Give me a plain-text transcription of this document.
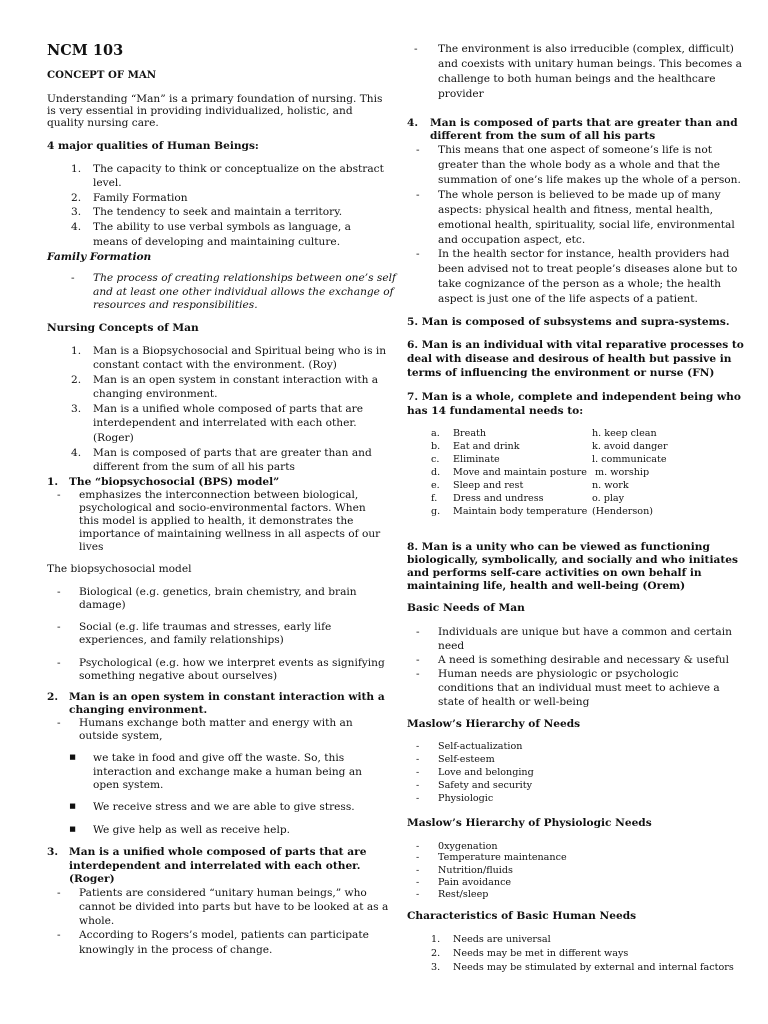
NCM 103
CONCEPT OF MAN
Understanding “Man” is a primary foundation of nursing. This
is very essential in providing individualized, holistic, and
quality nursing care.
4 major qualities of Human Beings:
1. The capacity to think or conceptualize on the abstract
level.
2. Family Formation
3. The tendency to seek and maintain a territory.
4. The ability to use verbal symbols as language, a
means of developing and maintaining culture.
Family Formation
- The process of creating relationships between one’s self
and at least one other individual allows the exchange of
resources and responsibilities.
Nursing Concepts of Man
1. Man is a Biopsychosocial and Spiritual being who is in
constant contact with the environment. (Roy)
2. Man is an open system in constant interaction with a
changing environment.
3. Man is a unified whole composed of parts that are
interdependent and interrelated with each other.
(Roger)
4. Man is composed of parts that are greater than and
different from the sum of all his parts
1. The “biopsychosocial (BPS) model”
- emphasizes the interconnection between biological,
psychological and socio-environmental factors. When
this model is applied to health, it demonstrates the
importance of maintaining wellness in all aspects of our
lives
The biopsychosocial model
- Biological (e.g. genetics, brain chemistry, and brain
damage)
- Social (e.g. life traumas and stresses, early life
experiences, and family relationships)
- Psychological (e.g. how we interpret events as signifying
something negative about ourselves)
2. Man is an open system in constant interaction with a
changing environment.
- Humans exchange both matter and energy with an
outside system,
▪ we take in food and give off the waste. So, this
interaction and exchange make a human being an
open system.
▪ We receive stress and we are able to give stress.
▪ We give help as well as receive help.
3. Man is a unified whole composed of parts that are
interdependent and interrelated with each other.
(Roger)
- Patients are considered “unitary human beings,” who
cannot be divided into parts but have to be looked at as a
whole.
- According to Rogers’s model, patients can participate
knowingly in the process of change.
- The environment is also irreducible (complex, difficult)
and coexists with unitary human beings. This becomes a
challenge to both human beings and the healthcare
provider
4. Man is composed of parts that are greater than and
different from the sum of all his parts
- This means that one aspect of someone’s life is not
greater than the whole body as a whole and that the
summation of one’s life makes up the whole of a person.
- The whole person is believed to be made up of many
aspects: physical health and fitness, mental health,
emotional health, spirituality, social life, environmental
and occupation aspect, etc.
- In the health sector for instance, health providers had
been advised not to treat people’s diseases alone but to
take cognizance of the person as a whole; the health
aspect is just one of the life aspects of a patient.
5. Man is composed of subsystems and supra-systems.
6. Man is an individual with vital reparative processes to
deal with disease and desirous of health but passive in
terms of influencing the environment or nurse (FN)
7. Man is a whole, complete and independent being who
has 14 fundamental needs to:
a. Breath
b. Eat and drink
c. Eliminate
d. Move and maintain posture
e. Sleep and rest
f. Dress and undress
g. Maintain body temperature
h. keep clean
k. avoid danger
l. communicate
m. worship
n. work
o. play
(Henderson)
8. Man is a unity who can be viewed as functioning
biologically, symbolically, and socially and who initiates
and performs self-care activities on own behalf in
maintaining life, health and well-being (Orem)
Basic Needs of Man
- Individuals are unique but have a common and certain
need
- A need is something desirable and necessary & useful
- Human needs are physiologic or psychologic
conditions that an individual must meet to achieve a
state of health or well-being
Maslow’s Hierarchy of Needs
- Self-actualization
- Self-esteem
- Love and belonging
- Safety and security
- Physiologic
Maslow’s Hierarchy of Physiologic Needs
- 0xygenation
- Temperature maintenance
- Nutrition/fluids
- Pain avoidance
- Rest/sleep
Characteristics of Basic Human Needs
1. Needs are universal
2. Needs may be met in different ways
3. Needs may be stimulated by external and internal factors
